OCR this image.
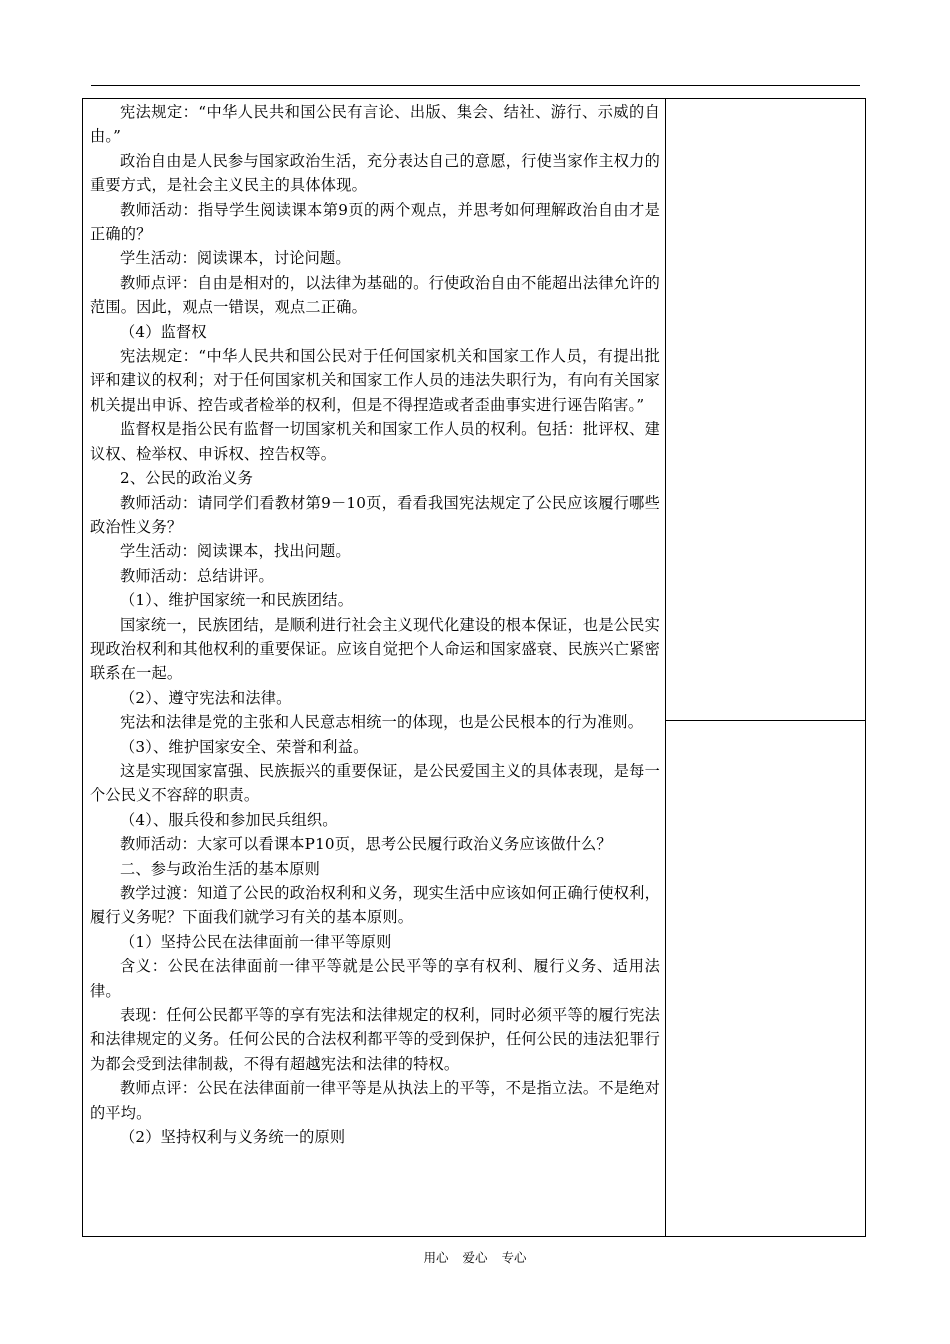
宪法规定：“中华人民共和国公民有言论、出版、集会、结社、游行、示威的自由。”

政治自由是人民参与国家政治生活，充分表达自己的意愿，行使当家作主权力的重要方式，是社会主义民主的具体体现。

教师活动：指导学生阅读课本第9页的两个观点，并思考如何理解政治自由才是正确的？

学生活动：阅读课本，讨论问题。

教师点评：自由是相对的，以法律为基础的。行使政治自由不能超出法律允许的范围。因此，观点一错误，观点二正确。

（4）监督权

宪法规定：“中华人民共和国公民对于任何国家机关和国家工作人员，有提出批评和建议的权利；对于任何国家机关和国家工作人员的违法失职行为，有向有关国家机关提出申诉、控告或者检举的权利，但是不得捏造或者歪曲事实进行诬告陷害。”

监督权是指公民有监督一切国家机关和国家工作人员的权利。包括：批评权、建议权、检举权、申诉权、控告权等。

2、公民的政治义务

教师活动：请同学们看教材第9－10页，看看我国宪法规定了公民应该履行哪些政治性义务？

学生活动：阅读课本，找出问题。

教师活动：总结讲评。

（1）、维护国家统一和民族团结。

国家统一，民族团结，是顺利进行社会主义现代化建设的根本保证，也是公民实现政治权利和其他权利的重要保证。应该自觉把个人命运和国家盛衰、民族兴亡紧密联系在一起。

（2）、遵守宪法和法律。

宪法和法律是党的主张和人民意志相统一的体现，也是公民根本的行为准则。

（3）、维护国家安全、荣誉和利益。

这是实现国家富强、民族振兴的重要保证，是公民爱国主义的具体表现，是每一个公民义不容辞的职责。

（4）、服兵役和参加民兵组织。

教师活动：大家可以看课本P10页，思考公民履行政治义务应该做什么？

二、参与政治生活的基本原则

教学过渡：知道了公民的政治权利和义务，现实生活中应该如何正确行使权利，履行义务呢？下面我们就学习有关的基本原则。

（1）坚持公民在法律面前一律平等原则

含义：公民在法律面前一律平等就是公民平等的享有权利、履行义务、适用法律。

表现：任何公民都平等的享有宪法和法律规定的权利，同时必须平等的履行宪法和法律规定的义务。任何公民的合法权利都平等的受到保护，任何公民的违法犯罪行为都会受到法律制裁，不得有超越宪法和法律的特权。

教师点评：公民在法律面前一律平等是从执法上的平等，不是指立法。不是绝对的平均。

（2）坚持权利与义务统一的原则

用心 爱心 专心
